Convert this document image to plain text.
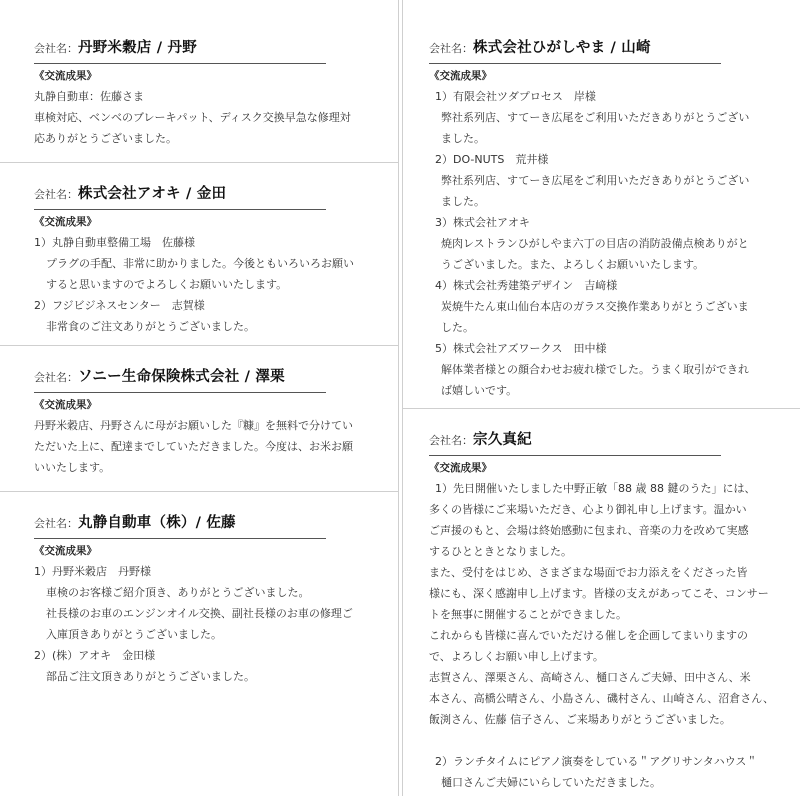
会社名：丹野米穀店 / 丹野
《交流成果》
丸静自動車：佐藤さま
車検対応、ベンベのブレーキパット、ディスク交換早急な修理対
応ありがとうございました。
会社名：株式会社アオキ / 金田
《交流成果》
1）丸静自動車整備工場　佐藤様
プラグの手配、非常に助かりました。今後ともいろいろお願い
すると思いますのでよろしくお願いいたします。
2）フジビジネスセンター　志賀様
非常食のご注文ありがとうございました。
会社名：ソニー生命保険株式会社 / 澤栗
《交流成果》
丹野米穀店、丹野さんに母がお願いした『糠』を無料で分けてい
ただいた上に、配達までしていただきました。今度は、お米お願
いいたします。
会社名：丸静自動車（株）/ 佐藤
《交流成果》
1）丹野米穀店　丹野様
車検のお客様ご紹介頂き、ありがとうございました。
社長様のお車のエンジンオイル交換、副社長様のお車の修理ご
入庫頂きありがとうございました。
2）(株）アオキ　金田様
部品ご注文頂きありがとうございました。
会社名：株式会社ひがしやま / 山崎
《交流成果》
1）有限会社ツダプロセス　岸様
弊社系列店、すてーき広尾をご利用いただきありがとうござい
ました。
2）DO-NUTS　荒井様
弊社系列店、すてーき広尾をご利用いただきありがとうござい
ました。
3）株式会社アオキ
焼肉レストランひがしやま六丁の目店の消防設備点検ありがと
うございました。また、よろしくお願いいたします。
4）株式会社秀建築デザイン　吉﨑様
炭焼牛たん東山仙台本店のガラス交換作業ありがとうございま
した。
5）株式会社アズワークス　田中様
解体業者様との顔合わせお疲れ様でした。うまく取引ができれ
ば嬉しいです。
会社名：宗久真紀
《交流成果》
1）先日開催いたしました中野正敏「88 歳 88 鍵のうた」には、
多くの皆様にご来場いただき、心より御礼申し上げます。温かい
ご声援のもと、会場は終始感動に包まれ、音楽の力を改めて実感
するひとときとなりました。
また、受付をはじめ、さまざまな場面でお力添えをくださった皆
様にも、深く感謝申し上げます。皆様の支えがあってこそ、コンサー
トを無事に開催することができました。
これからも皆様に喜んでいただける催しを企画してまいりますの
で、よろしくお願い申し上げます。
志賀さん、澤栗さん、高崎さん、樋口さんご夫婦、田中さん、米
本さん、高橋公晴さん、小島さん、磯村さん、山崎さん、沼倉さん、
飯渕さん、佐藤 信子さん、ご来場ありがとうございました。
2）ランチタイムにピアノ演奏をしている＂アグリサンタハウス＂
樋口さんご夫婦にいらしていただきました。
